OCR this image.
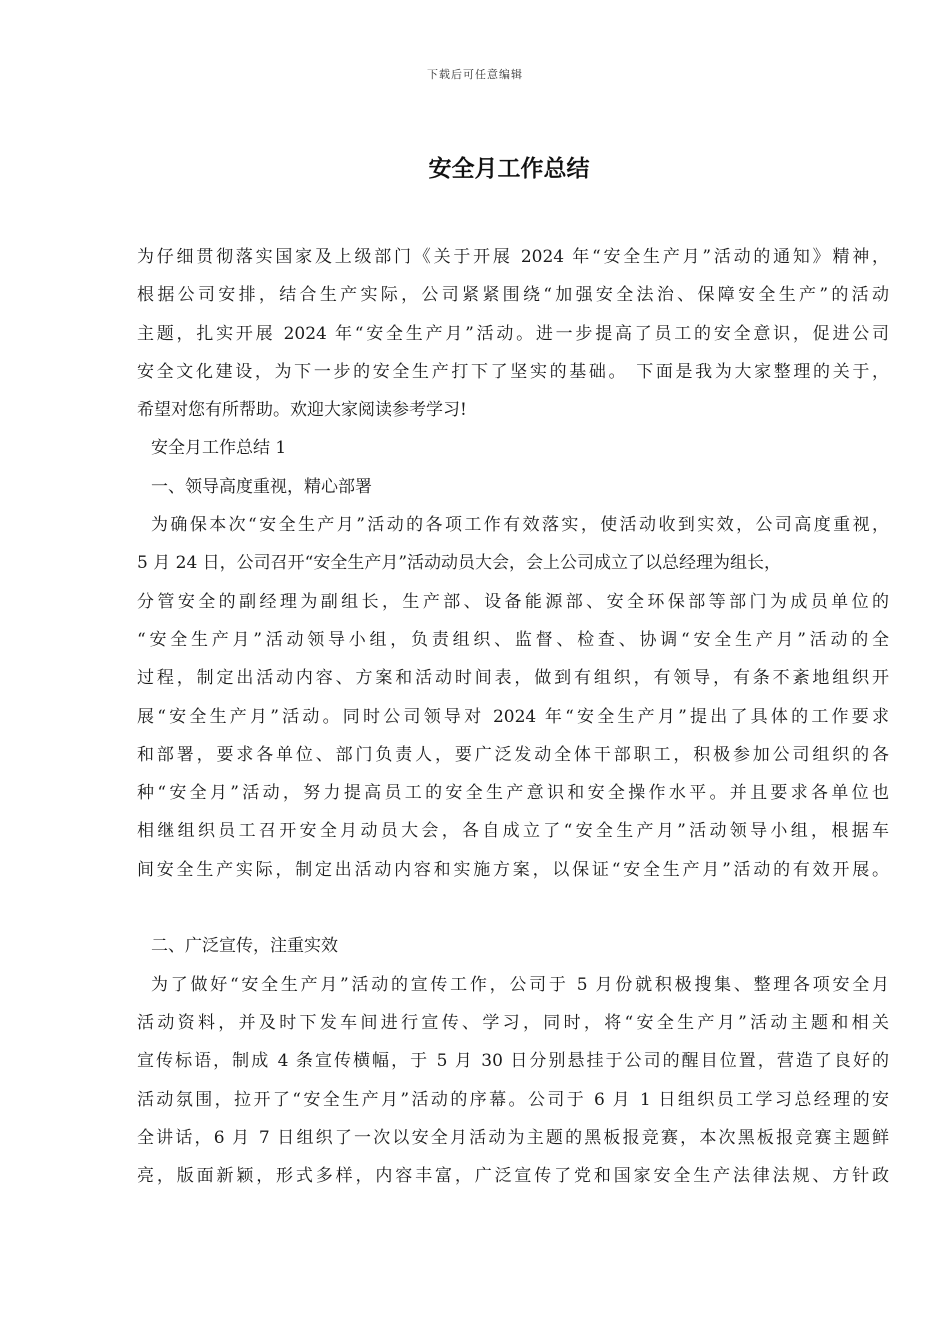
下载后可任意编辑
安全月工作总结
为仔细贯彻落实国家及上级部门《关于开展 2024 年“安全生产月”活动的通知》精神，
根据公司安排，结合生产实际，公司紧紧围绕“加强安全法治、保障安全生产”的活动
主题，扎实开展 2024 年“安全生产月”活动。进一步提高了员工的安全意识，促进公司
安全文化建设，为下一步的安全生产打下了坚实的基础。 下面是我为大家整理的关于，
希望对您有所帮助。欢迎大家阅读参考学习!
安全月工作总结 1
一、领导高度重视，精心部署
为确保本次“安全生产月”活动的各项工作有效落实，使活动收到实效，公司高度重视，
5 月 24 日，公司召开“安全生产月”活动动员大会，会上公司成立了以总经理为组长，
分管安全的副经理为副组长，生产部、设备能源部、安全环保部等部门为成员单位的
“安全生产月”活动领导小组，负责组织、监督、检查、协调“安全生产月”活动的全
过程，制定出活动内容、方案和活动时间表，做到有组织，有领导，有条不紊地组织开
展“安全生产月”活动。同时公司领导对 2024 年“安全生产月”提出了具体的工作要求
和部署，要求各单位、部门负责人，要广泛发动全体干部职工，积极参加公司组织的各
种“安全月”活动，努力提高员工的安全生产意识和安全操作水平。并且要求各单位也
相继组织员工召开安全月动员大会，各自成立了“安全生产月”活动领导小组，根据车
间安全生产实际，制定出活动内容和实施方案，以保证“安全生产月”活动的有效开展。
二、广泛宣传，注重实效
为了做好“安全生产月”活动的宣传工作，公司于 5 月份就积极搜集、整理各项安全月
活动资料，并及时下发车间进行宣传、学习，同时，将“安全生产月”活动主题和相关
宣传标语，制成 4 条宣传横幅，于 5 月 30 日分别悬挂于公司的醒目位置，营造了良好的
活动氛围，拉开了“安全生产月”活动的序幕。公司于 6 月 1 日组织员工学习总经理的安
全讲话，6 月 7 日组织了一次以安全月活动为主题的黑板报竞赛，本次黑板报竞赛主题鲜
亮，版面新颖，形式多样，内容丰富，广泛宣传了党和国家安全生产法律法规、方针政
